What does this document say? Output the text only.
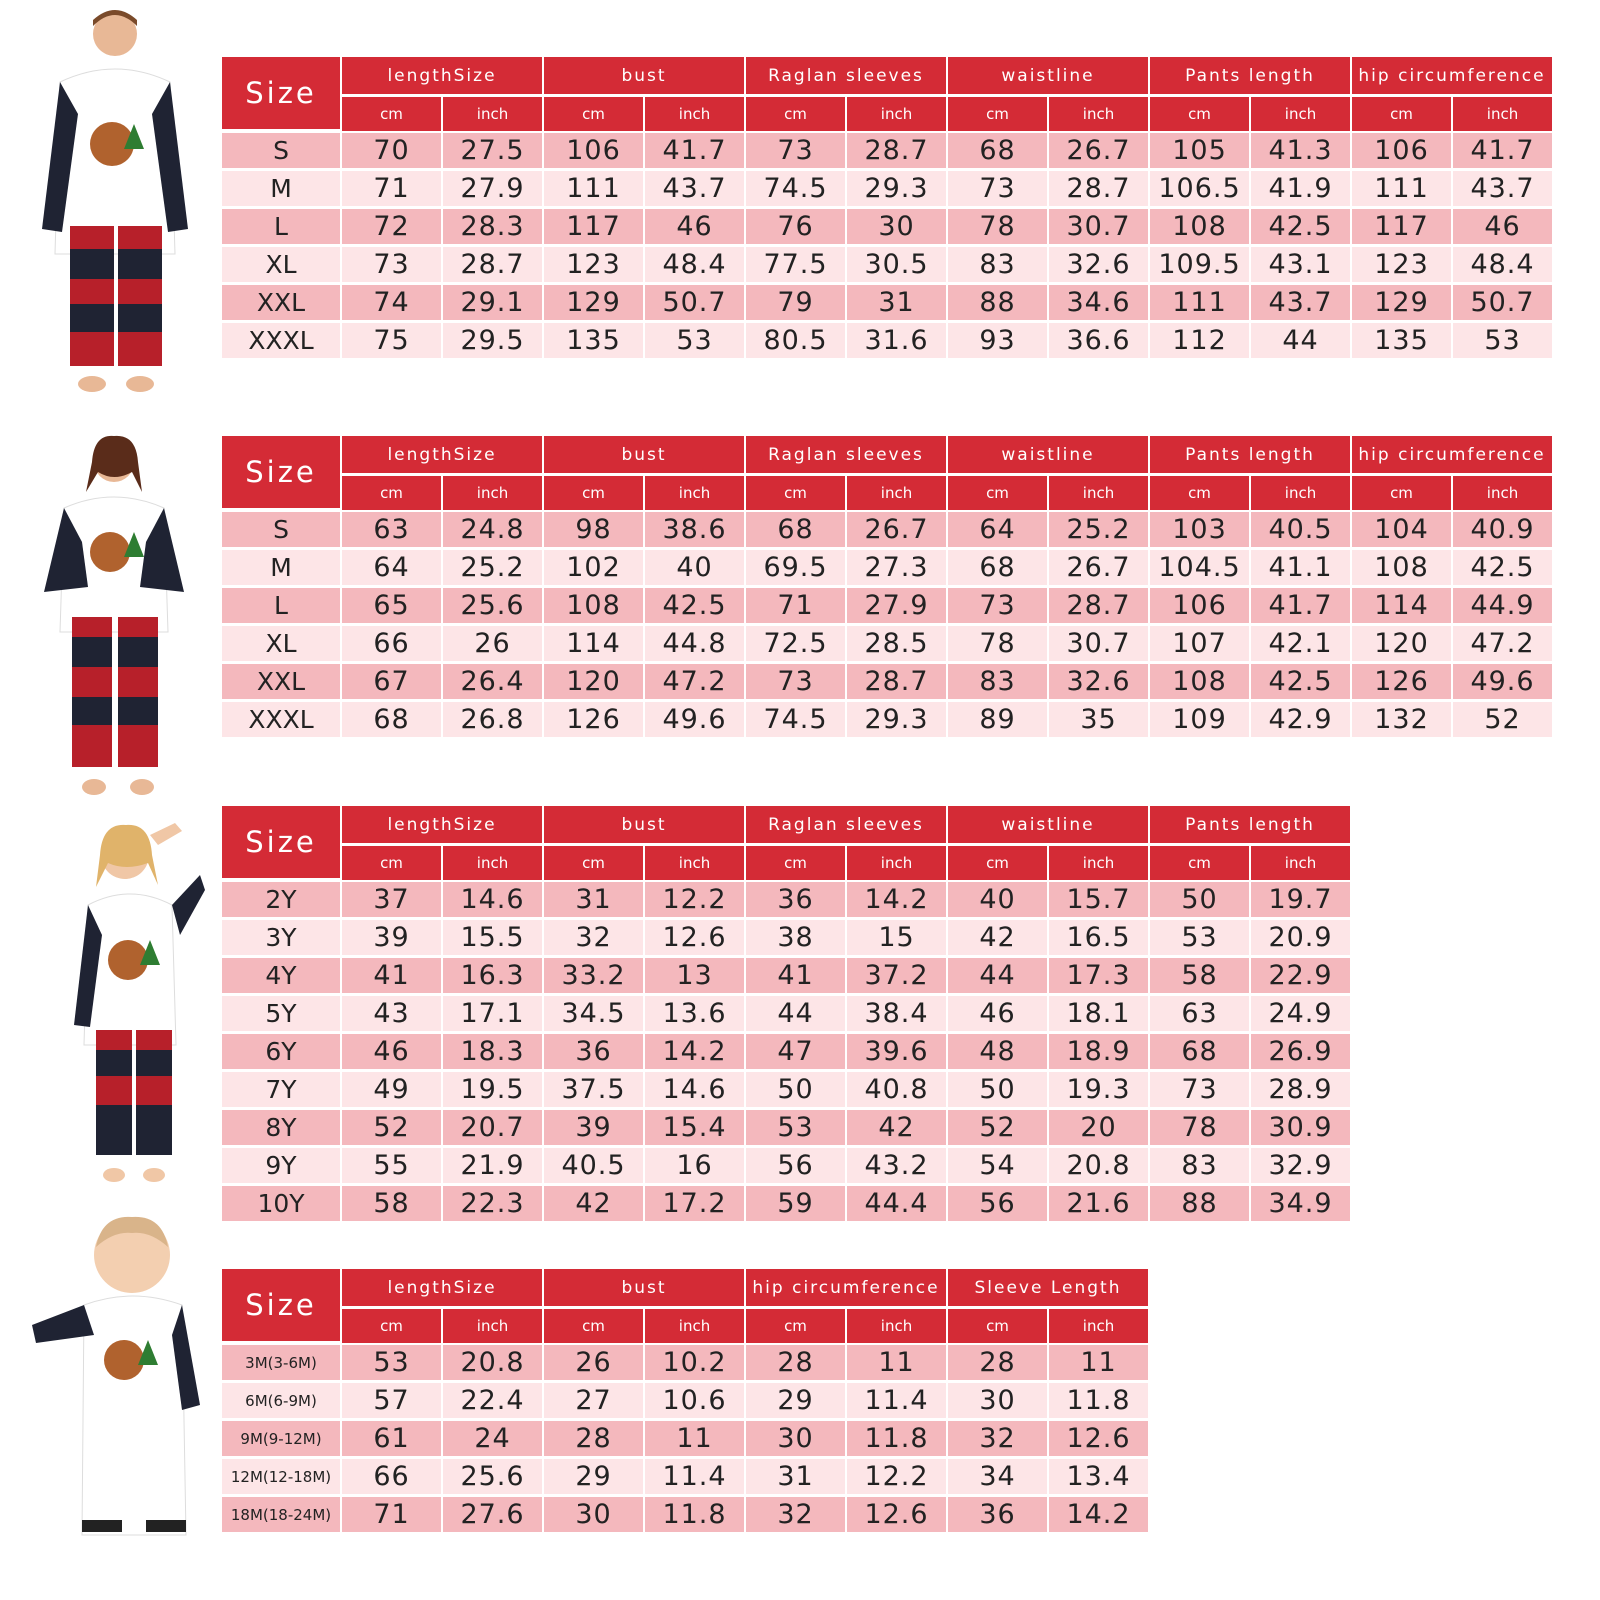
Size	lengthSize		bust		Raglan sleeves		waistline		Pants length		hip circumference	
	cm	inch	cm	inch	cm	inch	cm	inch	cm	inch	cm	inch
S	70	27.5	106	41.7	73	28.7	68	26.7	105	41.3	106	41.7
M	71	27.9	111	43.7	74.5	29.3	73	28.7	106.5	41.9	111	43.7
L	72	28.3	117	46	76	30	78	30.7	108	42.5	117	46
XL	73	28.7	123	48.4	77.5	30.5	83	32.6	109.5	43.1	123	48.4
XXL	74	29.1	129	50.7	79	31	88	34.6	111	43.7	129	50.7
XXXL	75	29.5	135	53	80.5	31.6	93	36.6	112	44	135	53
Size	lengthSize		bust		Raglan sleeves		waistline		Pants length		hip circumference	
	cm	inch	cm	inch	cm	inch	cm	inch	cm	inch	cm	inch
S	63	24.8	98	38.6	68	26.7	64	25.2	103	40.5	104	40.9
M	64	25.2	102	40	69.5	27.3	68	26.7	104.5	41.1	108	42.5
L	65	25.6	108	42.5	71	27.9	73	28.7	106	41.7	114	44.9
XL	66	26	114	44.8	72.5	28.5	78	30.7	107	42.1	120	47.2
XXL	67	26.4	120	47.2	73	28.7	83	32.6	108	42.5	126	49.6
XXXL	68	26.8	126	49.6	74.5	29.3	89	35	109	42.9	132	52
Size	lengthSize		bust		Raglan sleeves		waistline		Pants length	
	cm	inch	cm	inch	cm	inch	cm	inch	cm	inch
2Y	37	14.6	31	12.2	36	14.2	40	15.7	50	19.7
3Y	39	15.5	32	12.6	38	15	42	16.5	53	20.9
4Y	41	16.3	33.2	13	41	37.2	44	17.3	58	22.9
5Y	43	17.1	34.5	13.6	44	38.4	46	18.1	63	24.9
6Y	46	18.3	36	14.2	47	39.6	48	18.9	68	26.9
7Y	49	19.5	37.5	14.6	50	40.8	50	19.3	73	28.9
8Y	52	20.7	39	15.4	53	42	52	20	78	30.9
9Y	55	21.9	40.5	16	56	43.2	54	20.8	83	32.9
10Y	58	22.3	42	17.2	59	44.4	56	21.6	88	34.9
Size	lengthSize		bust		hip circumference		Sleeve Length	
	cm	inch	cm	inch	cm	inch	cm	inch
3M(3-6M)	53	20.8	26	10.2	28	11	28	11
6M(6-9M)	57	22.4	27	10.6	29	11.4	30	11.8
9M(9-12M)	61	24	28	11	30	11.8	32	12.6
12M(12-18M)	66	25.6	29	11.4	31	12.2	34	13.4
18M(18-24M)	71	27.6	30	11.8	32	12.6	36	14.2
